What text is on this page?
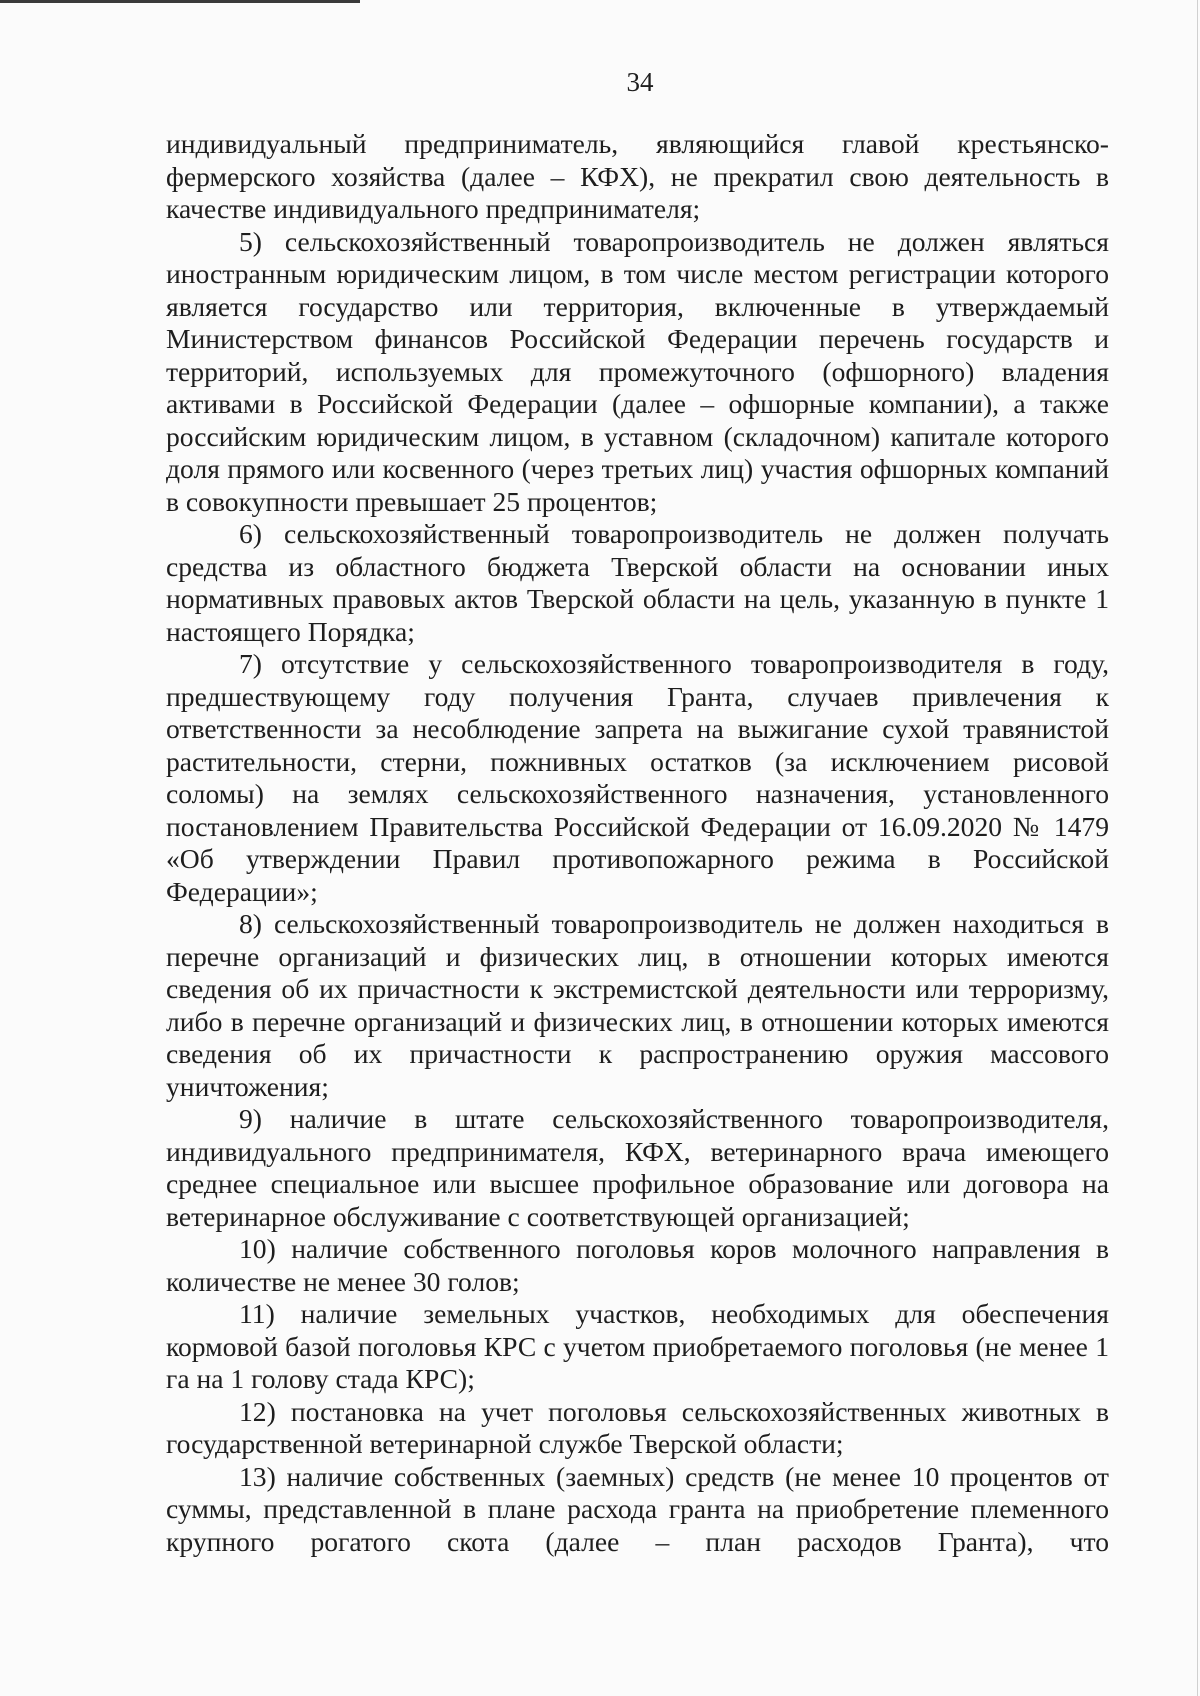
34

индивидуальный предприниматель, являющийся главой крестьянско- фермерского хозяйства (далее – КФХ), не прекратил свою деятельность в качестве индивидуального предпринимателя;

5) сельскохозяйственный товаропроизводитель не должен являться иностранным юридическим лицом, в том числе местом регистрации которого является государство или территория, включенные в утверждаемый Министерством финансов Российской Федерации перечень государств и территорий, используемых для промежуточного (офшорного) владения активами в Российской Федерации (далее – офшорные компании), а также российским юридическим лицом, в уставном (складочном) капитале которого доля прямого или косвенного (через третьих лиц) участия офшорных компаний в совокупности превышает 25 процентов;

6) сельскохозяйственный товаропроизводитель не должен получать средства из областного бюджета Тверской области на основании иных нормативных правовых актов Тверской области на цель, указанную в пункте 1 настоящего Порядка;

7) отсутствие у сельскохозяйственного товаропроизводителя в году, предшествующему году получения Гранта, случаев привлечения к ответственности за несоблюдение запрета на выжигание сухой травянистой растительности, стерни, пожнивных остатков (за исключением рисовой соломы) на землях сельскохозяйственного назначения, установленного постановлением Правительства Российской Федерации от 16.09.2020 № 1479 «Об утверждении Правил противопожарного режима в Российской Федерации»;

8) сельскохозяйственный товаропроизводитель не должен находиться в перечне организаций и физических лиц, в отношении которых имеются сведения об их причастности к экстремистской деятельности или терроризму, либо в перечне организаций и физических лиц, в отношении которых имеются сведения об их причастности к распространению оружия массового уничтожения;

9) наличие в штате сельскохозяйственного товаропроизводителя, индивидуального предпринимателя, КФХ, ветеринарного врача имеющего среднее специальное или высшее профильное образование или договора на ветеринарное обслуживание с соответствующей организацией;

10) наличие собственного поголовья коров молочного направления в количестве не менее 30 голов;

11) наличие земельных участков, необходимых для обеспечения кормовой базой поголовья КРС с учетом приобретаемого поголовья (не менее 1 га на 1 голову стада КРС);

12) постановка на учет поголовья сельскохозяйственных животных в государственной ветеринарной службе Тверской области;

13) наличие собственных (заемных) средств (не менее 10 процентов от суммы, представленной в плане расхода гранта на приобретение племенного крупного рогатого скота (далее – план расходов Гранта), что
